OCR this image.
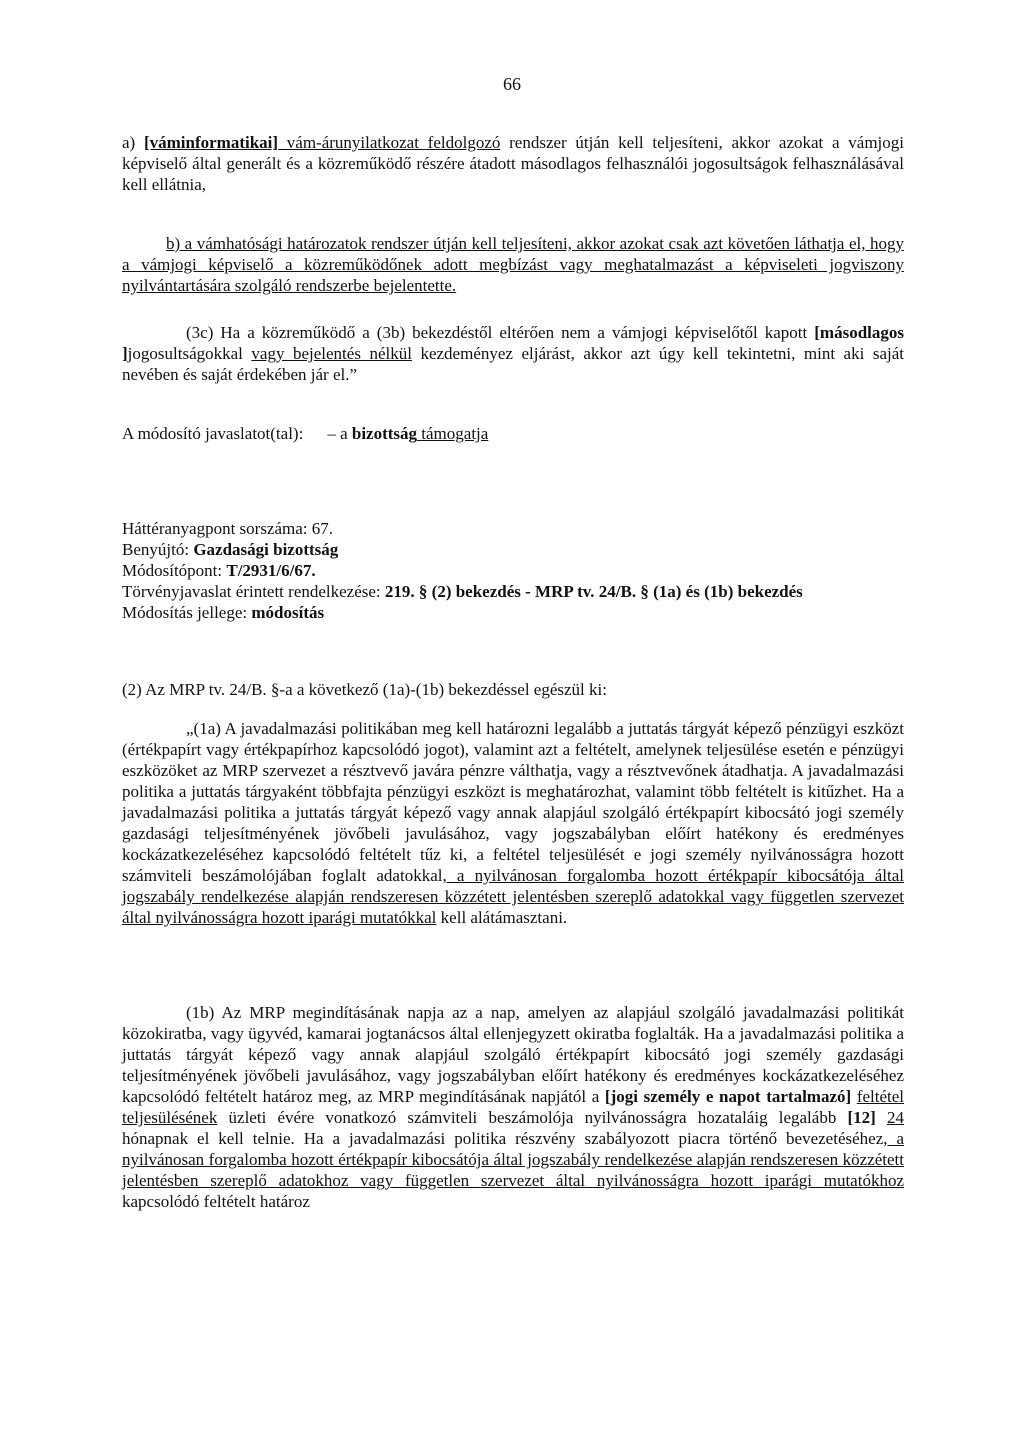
66
a) [váminformatikai] vám-árunyilatkozat feldolgozó rendszer útján kell teljesíteni, akkor azokat a vámjogi képviselő által generált és a közreműködő részére átadott másodlagos felhasználói jogosultságok felhasználásával kell ellátnia,
b) a vámhatósági határozatok rendszer útján kell teljesíteni, akkor azokat csak azt követően láthatja el, hogy a vámjogi képviselő a közreműködőnek adott megbízást vagy meghatalmazást a képviseleti jogviszony nyilvántartására szolgáló rendszerbe bejelentette.
(3c) Ha a közreműködő a (3b) bekezdéstől eltérően nem a vámjogi képviselőtől kapott [másodlagos ]jogosultságokkal vagy bejelentés nélkül kezdeményez eljárást, akkor azt úgy kell tekintetni, mint aki saját nevében és saját érdekében jár el.”
A módosító javaslatot(tal): – a bizottság támogatja
Háttéranyagpont sorszáma: 67.
Benyújtó: Gazdasági bizottság
Módosítópont: T/2931/6/67.
Törvényjavaslat érintett rendelkezése: 219. § (2) bekezdés - MRP tv. 24/B. § (1a) és (1b) bekezdés
Módosítás jellege: módosítás
(2) Az MRP tv. 24/B. §-a a következő (1a)-(1b) bekezdéssel egészül ki:
„(1a) A javadalmazási politikában meg kell határozni legalább a juttatás tárgyát képező pénzügyi eszközt (értékpapírt vagy értékpapírhoz kapcsolódó jogot), valamint azt a feltételt, amelynek teljesülése esetén e pénzügyi eszközöket az MRP szervezet a résztvevő javára pénzre válthatja, vagy a résztvevőnek átadhatja. A javadalmazási politika a juttatás tárgyaként többfajta pénzügyi eszközt is meghatározhat, valamint több feltételt is kitűzhet. Ha a javadalmazási politika a juttatás tárgyát képező vagy annak alapjául szolgáló értékpapírt kibocsátó jogi személy gazdasági teljesítményének jövőbeli javulásához, vagy jogszabályban előírt hatékony és eredményes kockázatkezeléséhez kapcsolódó feltételt tűz ki, a feltétel teljesülését e jogi személy nyilvánosságra hozott számviteli beszámolójában foglalt adatokkal, a nyilvánosan forgalomba hozott értékpapír kibocsátója által jogszabály rendelkezése alapján rendszeresen közzétett jelentésben szereplő adatokkal vagy független szervezet által nyilvánosságra hozott iparági mutatókkal kell alátámasztani.
(1b) Az MRP megindításának napja az a nap, amelyen az alapjául szolgáló javadalmazási politikát közokiratba, vagy ügyvéd, kamarai jogtanácsos által ellenjegyzett okiratba foglalták. Ha a javadalmazási politika a juttatás tárgyát képező vagy annak alapjául szolgáló értékpapírt kibocsátó jogi személy gazdasági teljesítményének jövőbeli javulásához, vagy jogszabályban előírt hatékony és eredményes kockázatkezeléséhez kapcsolódó feltételt határoz meg, az MRP megindításának napjától a [jogi személy e napot tartalmazó] feltétel teljesülésének üzleti évére vonatkozó számviteli beszámolója nyilvánosságra hozataláig legalább [12] 24 hónapnak el kell telnie. Ha a javadalmazási politika részvény szabályozott piacra történő bevezetéséhez, a nyilvánosan forgalomba hozott értékpapír kibocsátója által jogszabály rendelkezése alapján rendszeresen közzétett jelentésben szereplő adatokhoz vagy független szervezet által nyilvánosságra hozott iparági mutatókhoz kapcsolódó feltételt határoz
